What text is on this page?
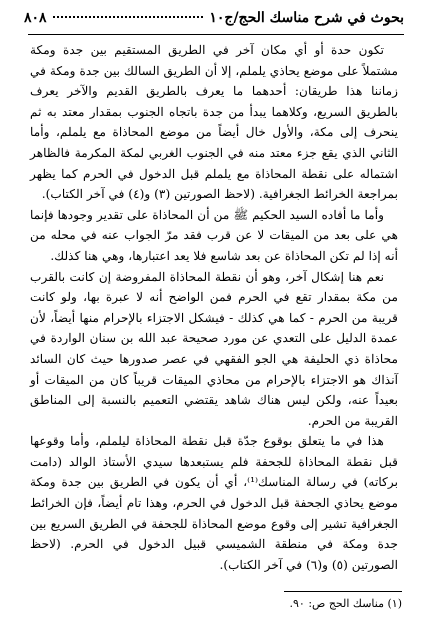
بحوث في شرح مناسك الحج/ج١٠
٨٠٨

تكون حدة أو أي مكان آخر في الطريق المستقيم بين جدة ومكة مشتملاً على موضع يحاذي يلملم، إلا أن الطريق السالك بين جدة ومكة في زماننا هذا طريقان: أحدهما ما يعرف بالطريق القديم والآخر يعرف بالطريق السريع، وكلاهما يبدأ من جدة باتجاه الجنوب بمقدار معتد به ثم ينحرف إلى مكة، والأول خال أيضاً من موضع المحاذاة مع يلملم، وأما الثاني الذي يقع جزء معتد منه في الجنوب الغربي لمكة المكرمة فالظاهر اشتماله على نقطة المحاذاة مع يلملم قبل الدخول في الحرم كما يظهر بمراجعة الخرائط الجغرافية. (لاحظ الصورتين (٣) و(٤) في آخر الكتاب).

وأما ما أفاده السيد الحكيم ﷺ من أن المحاذاة على تقدير وجودها فإنما هي على بعد من الميقات لا عن قرب فقد مرّ الجواب عنه في محله من أنه إذا لم تكن المحاذاة عن بعد شاسع فلا يعد اعتبارها، وهي هنا كذلك.

نعم هنا إشكال آخر، وهو أن نقطة المحاذاة المفروضة إن كانت بالقرب من مكة بمقدار تقع في الحرم فمن الواضح أنه لا عبرة بها، ولو كانت قريبة من الحرم - كما هي كذلك - فيشكل الاجتزاء بالإحرام منها أيضاً، لأن عمدة الدليل على التعدي عن مورد صحيحة عبد الله بن سنان الواردة في محاذاة ذي الحليفة هي الجو الفقهي في عصر صدورها حيث كان السائد آنذاك هو الاجتزاء بالإحرام من محاذي الميقات قريباً كان من الميقات أو بعيداً عنه، ولكن ليس هناك شاهد يقتضي التعميم بالنسبة إلى المناطق القريبة من الحرم.

هذا في ما يتعلق بوقوع جدّة قبل نقطة المحاذاة ليلملم، وأما وقوعها قبل نقطة المحاذاة للجحفة فلم يستبعدها سيدي الأستاذ الوالد (دامت بركاته) في رسالة المناسك⁽¹⁾، أي أن يكون في الطريق بين جدة ومكة موضع يحاذي الجحفة قبل الدخول في الحرم، وهذا تام أيضاً، فإن الخرائط الجغرافية تشير إلى وقوع موضع المحاذاة للجحفة في الطريق السريع بين جدة ومكة في منطقة الشميسي قبيل الدخول في الحرم. (لاحظ الصورتين (٥) و(٦) في آخر الكتاب).

(١) مناسك الحج ص: ٩٠.
